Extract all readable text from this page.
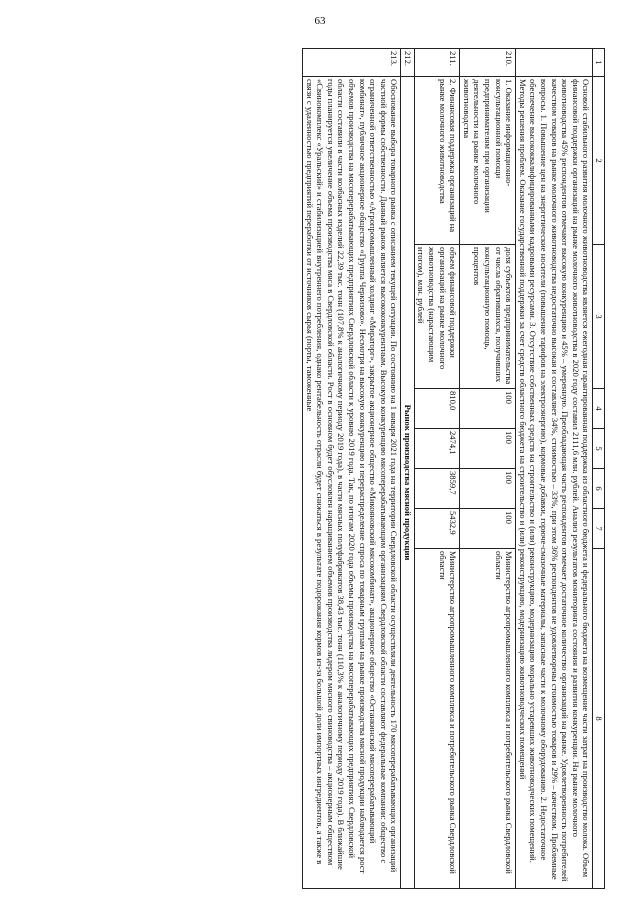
63
1	2	3	4	5	6	7	8
	Основой стабильного развития молочного животноводства является ежегодная гарантированная поддержка из областного бюджета и федерального бюджета на возмещение части затрат на производство молока. Объем финансовой поддержки организаций на рынке молочного животноводства в 2020 году составил 2111,6 млн. рублей. Анализ результатов мониторинга состояния и развития конкуренции. На рынке молочного животноводства 45% респондентов отмечают высокую конкуренцию и 45% – умеренную. Преобладающая часть респондентов отмечает достаточное количество организаций на рынке. Удовлетворенность потребителей качеством товаров на рынке молочного животноводства недостаточно высокая и составляет 34%, стоимостью – 33%, при этом 36% респондентов не удовлетворены стоимостью товаров и 29% – качеством. Проблемные вопросы. 1. Повышение цен на энергетические носители (повышение тарифов на электроэнергию), кормовые добавки, горюче-смазочные материалы, запасные части к молочному оборудованию. 2. Недостаточное обеспечение высококвалифицированными кадровыми ресурсами. 3. Отсутствие собственных средств на строительство и (или) реконструкцию, модернизацию морально устаревших животноводческих помещений. Методы решения проблем. Оказание государственной поддержки за счет средств областного бюджета на строительство и (или) реконструкцию, модернизацию животноводческих помещений						
210.	1. Оказание информационно-консультационной помощи предпринимателям при организации деятельности на рынке молочного животноводства	доля субъектов предпринимательства от числа обратившихся, получивших консультационную помощь, процентов	100	100	100	100	Министерство агропромышленного комплекса и потребительского рынка Свердловской области
211.	2. Финансовая поддержка организаций на рынке молочного животноводства	объем финансовой поддержки организаций на рынке молочного животноводства (нарастающим итогом), млн. рублей	810,0	2474,1	3859,7	5432,9	Министерство агропромышленного комплекса и потребительского рынка Свердловской области
212.	Рынок производства мясной продукции						
213.	Обоснование выбора товарного рынка с описанием текущей ситуации. По состоянию на 1 января 2021 года на территории Свердловской области осуществляли деятельность 170 мясоперерабатывающих организаций частной формы собственности. Данный рынок является высококонкурентным. Высокую конкуренцию мясоперерабатывающим организациям Свердловской области составляют федеральные компании: общество с ограниченной ответственностью «Агропромышленный холдинг «Мираторг», закрытое акционерное общество «Микояновский мясокомбинат», акционерное общество «Останкинский мясоперерабатывающий комбинат», публичное акционерное общество «Группа Черкизово». Несмотря на высокую конкуренцию и перераспределение спроса по товарным группам на рынке производства мясной продукции наблюдается рост объемов производства на мясоперерабатывающих предприятиях Свердловской области к уровню 2019 года. Так, по итогам 2020 года объемы производства на мясоперерабатывающих предприятиях Свердловской области составили в части колбасных изделий 22,39 тыс. тонн (107,8% к аналогичному периоду 2019 года), в части мясных полуфабрикатов 38,43 тыс. тонн (110,3% к аналогичному периоду 2019 года). В ближайшие годы планируется увеличение объема производства мяса в Свердловской области. Рост в основном будет обусловлен наращиванием объемов производства лидером мясного свиноводства – акционерным обществом «Свинокомплекс «Уральский» и стабилизацией внутреннего потребления, однако рентабельность отрасли будет снижаться в результате подорожания кормов из-за большой доли импортных ингредиентов, а также в связи с удаленностью предприятий переработки от источников сырья (порты, таможенные						
